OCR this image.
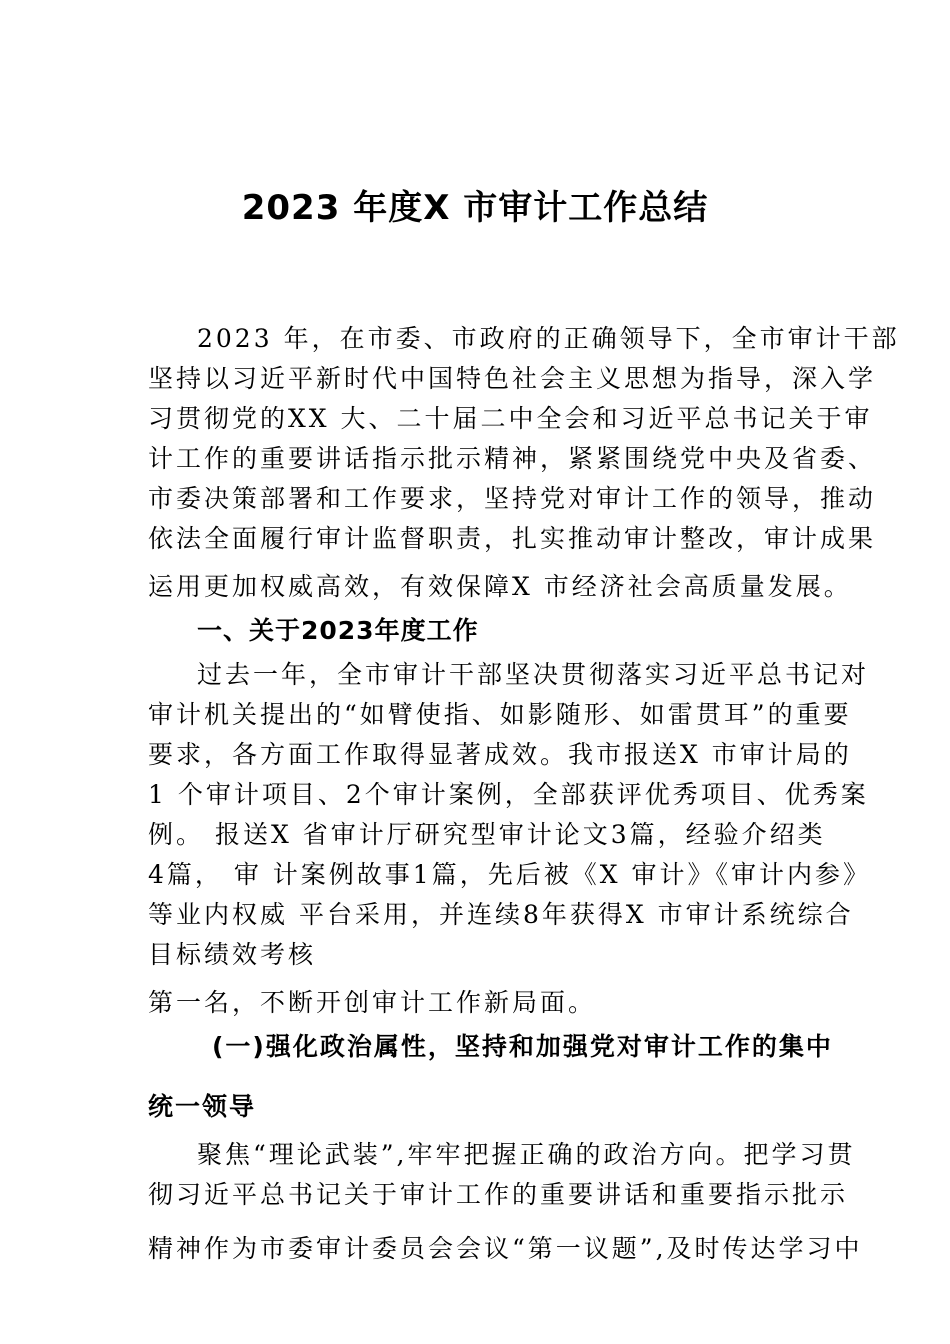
2023 年度X 市审计工作总结

2023 年，在市委、市政府的正确领导下，全市审计干部

坚持以习近平新时代中国特色社会主义思想为指导，深入学

习贯彻党的XX 大、二十届二中全会和习近平总书记关于审

计工作的重要讲话指示批示精神，紧紧围绕党中央及省委、

市委决策部署和工作要求，坚持党对审计工作的领导，推动

依法全面履行审计监督职责，扎实推动审计整改，审计成果

运用更加权威高效，有效保障X 市经济社会高质量发展。

一、关于2023年度工作

过去一年，全市审计干部坚决贯彻落实习近平总书记对

审计机关提出的“如臂使指、如影随形、如雷贯耳”的重要

要求，各方面工作取得显著成效。我市报送X 市审计局的

1 个审计项目、2个审计案例，全部获评优秀项目、优秀案

例。 报送X 省审计厅研究型审计论文3篇，经验介绍类

4篇， 审 计案例故事1篇，先后被《X 审计》《审计内参》

等业内权威 平台采用，并连续8年获得X 市审计系统综合

目标绩效考核

第一名，不断开创审计工作新局面。

(一)强化政治属性，坚持和加强党对审计工作的集中

统一领导

聚焦“理论武装”,牢牢把握正确的政治方向。把学习贯

彻习近平总书记关于审计工作的重要讲话和重要指示批示

精神作为市委审计委员会会议“第一议题”,及时传达学习中
